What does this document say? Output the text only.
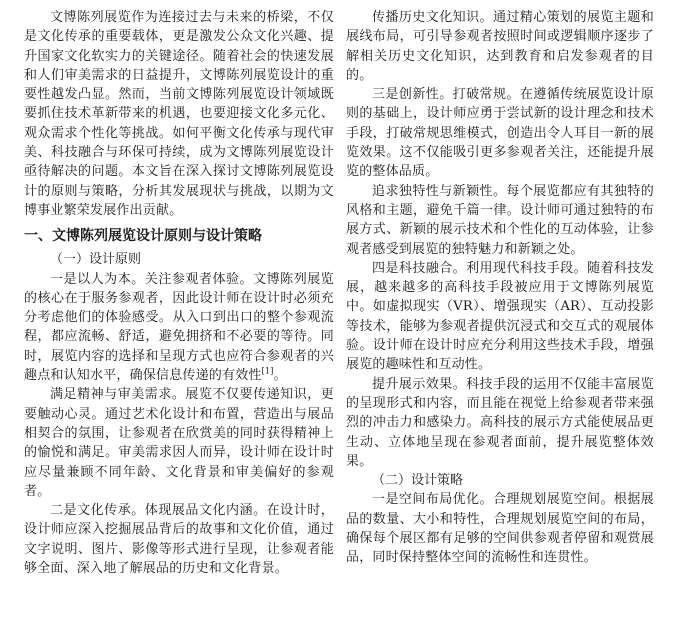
文博陈列展览作为连接过去与未来的桥梁，不仅是文化传承的重要载体，更是激发公众文化兴趣、提升国家文化软实力的关键途径。随着社会的快速发展和人们审美需求的日益提升，文博陈列展览设计的重要性越发凸显。然而，当前文博陈列展览设计领域既要抓住技术革新带来的机遇，也要迎接文化多元化、观众需求个性化等挑战。如何平衡文化传承与现代审美、科技融合与环保可持续，成为文博陈列展览设计亟待解决的问题。本文旨在深入探讨文博陈列展览设计的原则与策略，分析其发展现状与挑战，以期为文博事业繁荣发展作出贡献。

一、文博陈列展览设计原则与设计策略
（一）设计原则

一是以人为本。关注参观者体验。文博陈列展览的核心在于服务参观者，因此设计师在设计时必须充分考虑他们的体验感受。从入口到出口的整个参观流程，都应流畅、舒适，避免拥挤和不必要的等待。同时，展览内容的选择和呈现方式也应符合参观者的兴趣点和认知水平，确保信息传递的有效性[1]。

满足精神与审美需求。展览不仅要传递知识，更要触动心灵。通过艺术化设计和布置，营造出与展品相契合的氛围，让参观者在欣赏美的同时获得精神上的愉悦和满足。审美需求因人而异，设计师在设计时应尽量兼顾不同年龄、文化背景和审美偏好的参观者。

二是文化传承。体现展品文化内涵。在设计时，设计师应深入挖掘展品背后的故事和文化价值，通过文字说明、图片、影像等形式进行呈现，让参观者能够全面、深入地了解展品的历史和文化背景。

传播历史文化知识。通过精心策划的展览主题和展线布局，可引导参观者按照时间或逻辑顺序逐步了解相关历史文化知识，达到教育和启发参观者的目的。

三是创新性。打破常规。在遵循传统展览设计原则的基础上，设计师应勇于尝试新的设计理念和技术手段，打破常规思维模式，创造出令人耳目一新的展览效果。这不仅能吸引更多参观者关注，还能提升展览的整体品质。

追求独特性与新颖性。每个展览都应有其独特的风格和主题，避免千篇一律。设计师可通过独特的布展方式、新颖的展示技术和个性化的互动体验，让参观者感受到展览的独特魅力和新颖之处。

四是科技融合。利用现代科技手段。随着科技发展，越来越多的高科技手段被应用于文博陈列展览中。如虚拟现实（VR）、增强现实（AR）、互动投影等技术，能够为参观者提供沉浸式和交互式的观展体验。设计师在设计时应充分利用这些技术手段，增强展览的趣味性和互动性。

提升展示效果。科技手段的运用不仅能丰富展览的呈现形式和内容，而且能在视觉上给参观者带来强烈的冲击力和感染力。高科技的展示方式能使展品更生动、立体地呈现在参观者面前，提升展览整体效果。

（二）设计策略

一是空间布局优化。合理规划展览空间。根据展品的数量、大小和特性，合理规划展览空间的布局，确保每个展区都有足够的空间供参观者停留和观赏展品，同时保持整体空间的流畅性和连贯性。
